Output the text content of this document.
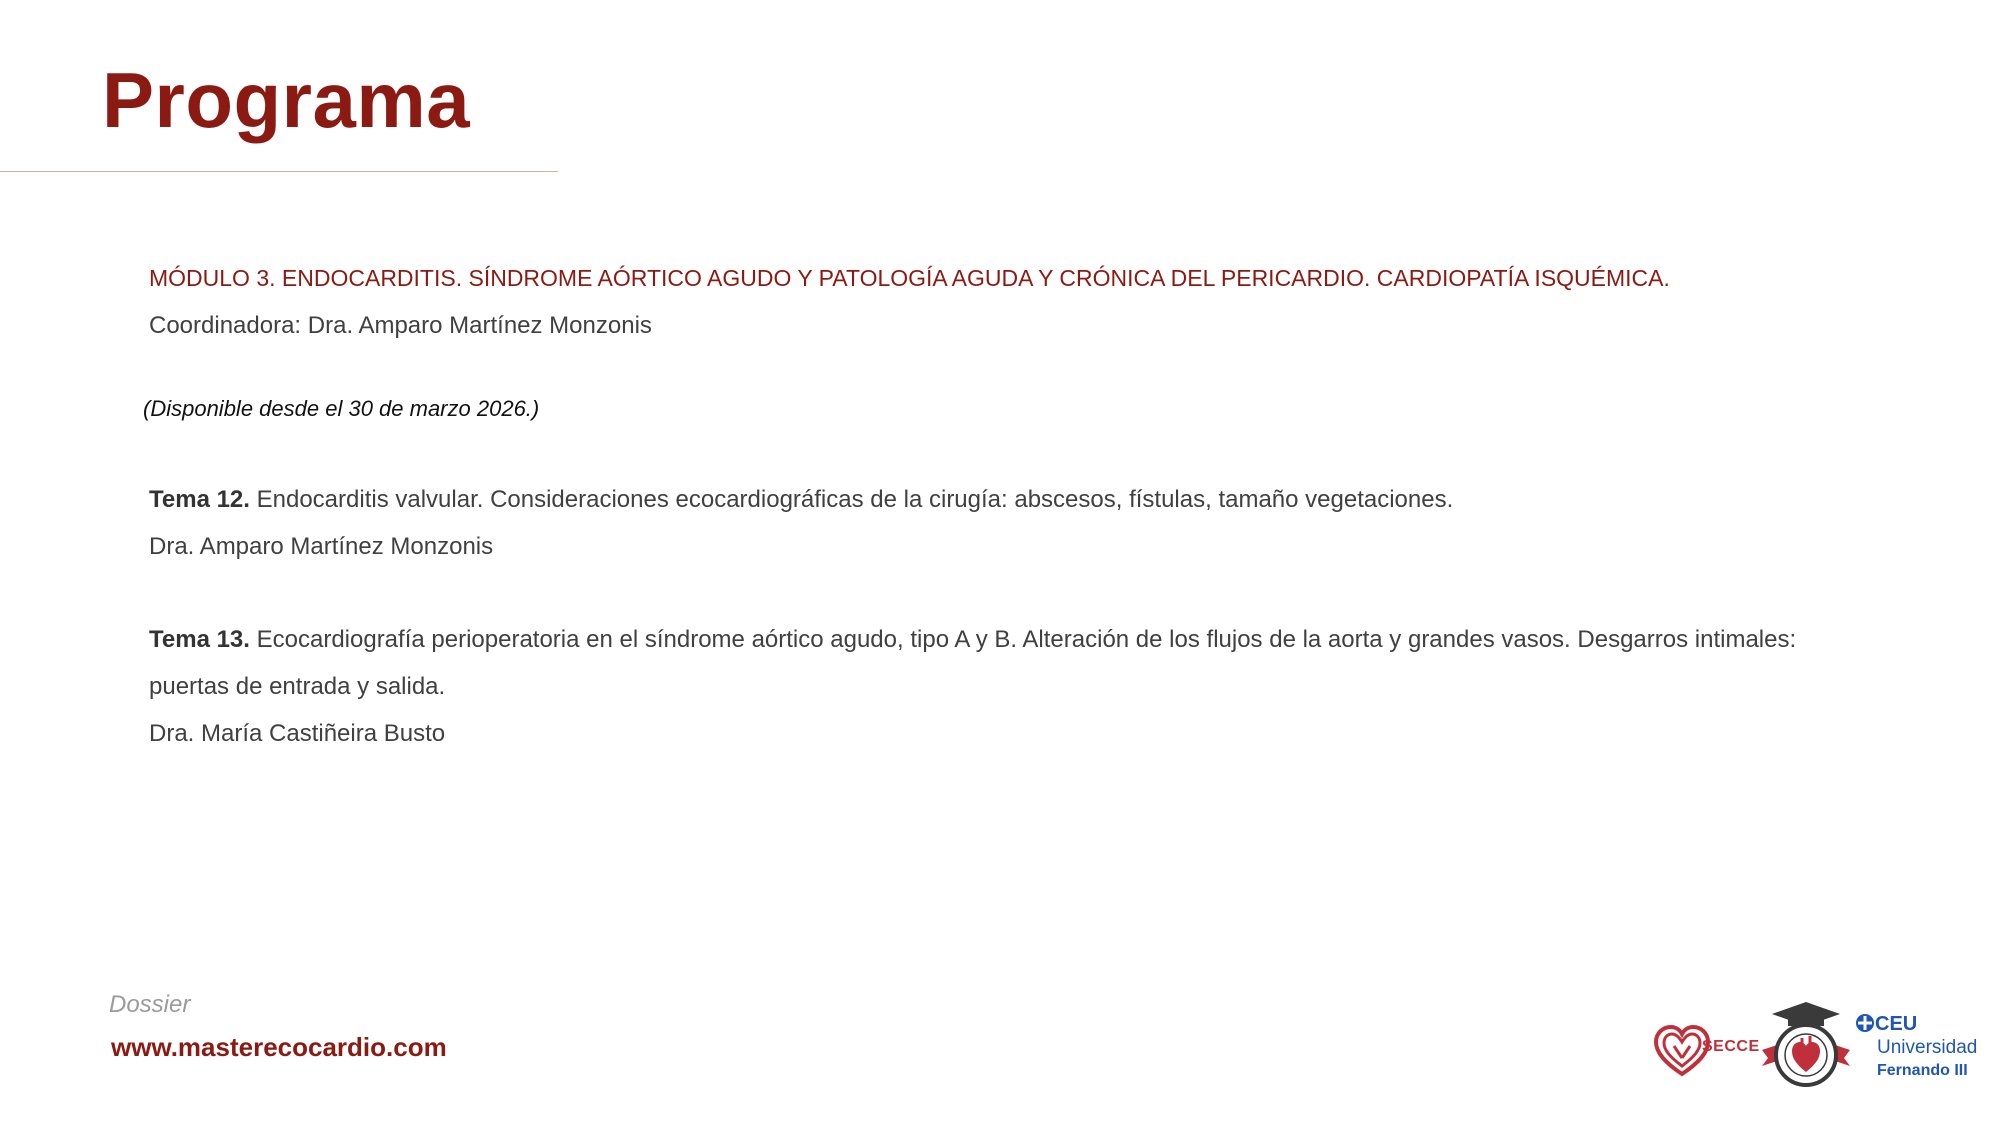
Programa

MÓDULO 3. ENDOCARDITIS. SÍNDROME AÓRTICO AGUDO Y PATOLOGÍA AGUDA Y CRÓNICA DEL PERICARDIO. CARDIOPATÍA ISQUÉMICA.

Coordinadora: Dra. Amparo Martínez Monzonis
(Disponible desde el 30 de marzo 2026.)
Tema 12. Endocarditis valvular. Consideraciones ecocardiográficas de la cirugía: abscesos, fístulas, tamaño vegetaciones.
Dra. Amparo Martínez Monzonis
Tema 13. Ecocardiografía perioperatoria en el síndrome aórtico agudo, tipo A y B. Alteración de los flujos de la aorta y grandes vasos. Desgarros intimales: puertas de entrada y salida.
Dra. María Castiñeira Busto
Dossier
www.masterecocardio.com	SECCE
CEU
Universidad
Fernando III
